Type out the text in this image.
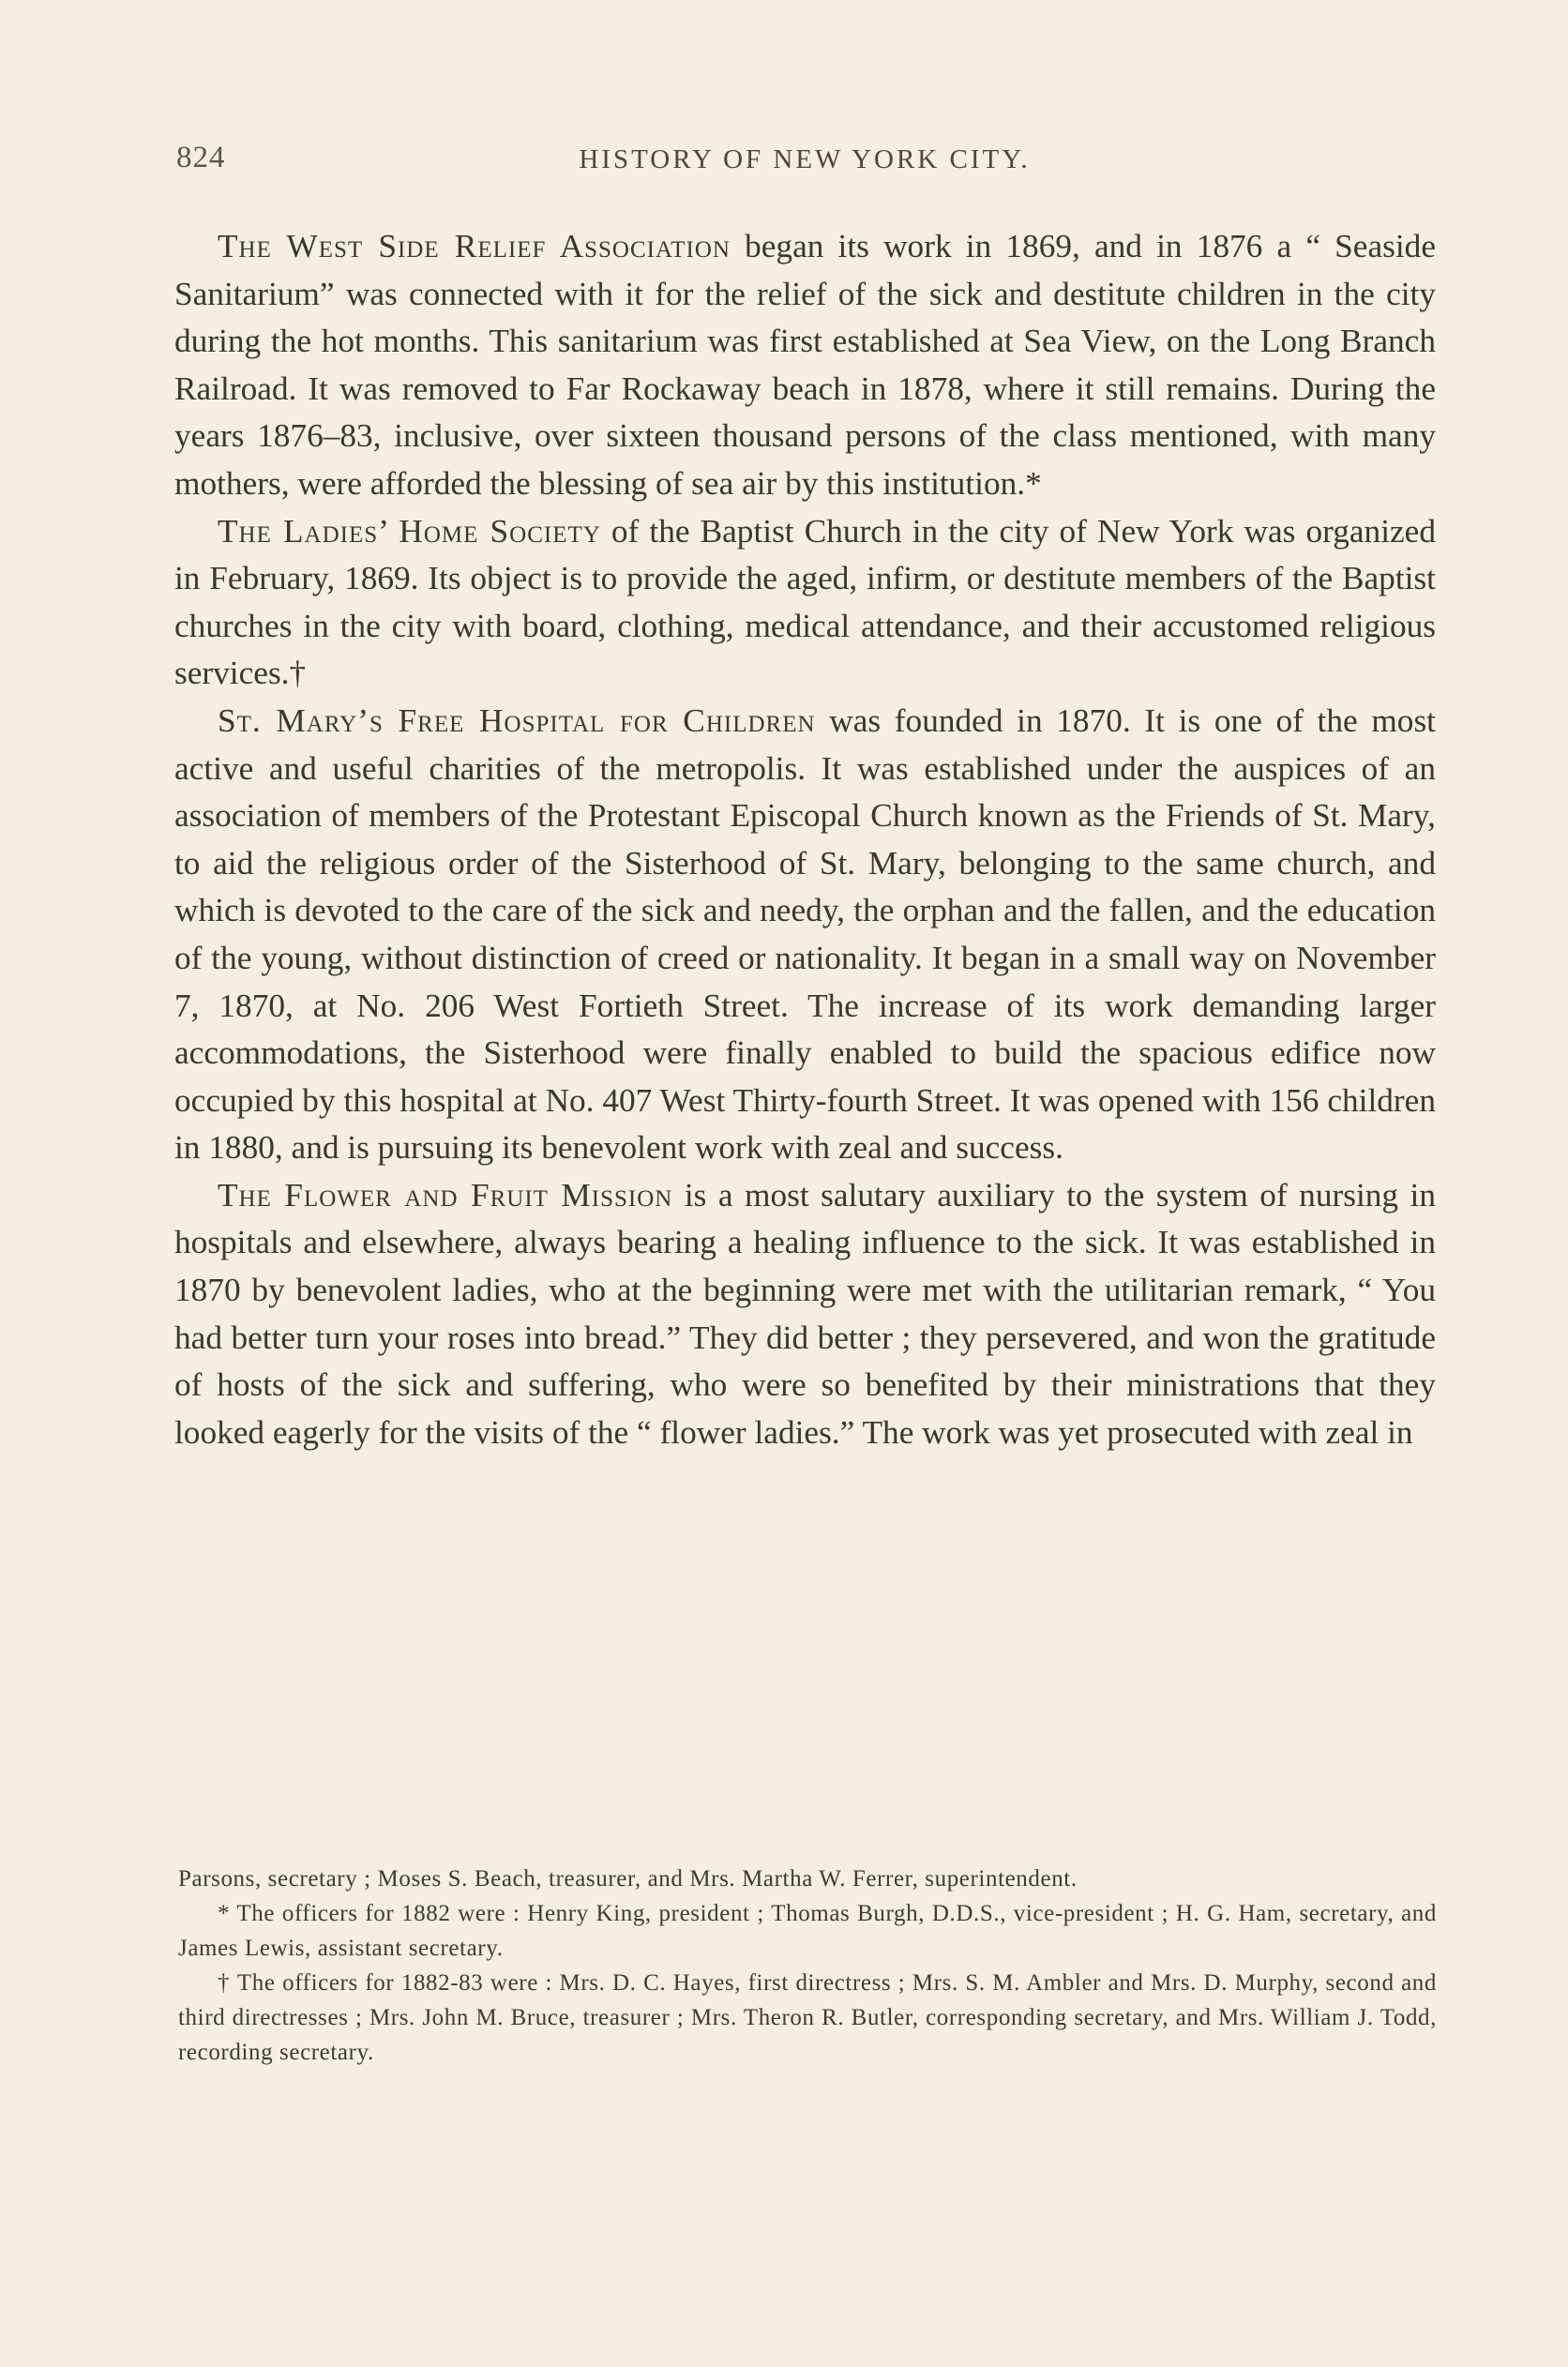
824	HISTORY OF NEW YORK CITY.

The West Side Relief Association began its work in 1869, and in 1876 a “ Seaside Sanitarium” was connected with it for the relief of the sick and destitute children in the city during the hot months. This sanitarium was first established at Sea View, on the Long Branch Railroad. It was removed to Far Rockaway beach in 1878, where it still remains. During the years 1876–83, inclusive, over sixteen thousand persons of the class mentioned, with many mothers, were afforded the blessing of sea air by this institution.*

The Ladies’ Home Society of the Baptist Church in the city of New York was organized in February, 1869. Its object is to provide the aged, infirm, or destitute members of the Baptist churches in the city with board, clothing, medical attendance, and their accustomed religious services.†

St. Mary’s Free Hospital for Children was founded in 1870. It is one of the most active and useful charities of the metropolis. It was established under the auspices of an association of members of the Protestant Episcopal Church known as the Friends of St. Mary, to aid the religious order of the Sisterhood of St. Mary, belonging to the same church, and which is devoted to the care of the sick and needy, the orphan and the fallen, and the education of the young, without distinction of creed or nationality. It began in a small way on November 7, 1870, at No. 206 West Fortieth Street. The increase of its work demanding larger accommodations, the Sisterhood were finally enabled to build the spacious edifice now occupied by this hospital at No. 407 West Thirty-fourth Street. It was opened with 156 children in 1880, and is pursuing its benevolent work with zeal and success.

The Flower and Fruit Mission is a most salutary auxiliary to the system of nursing in hospitals and elsewhere, always bearing a healing influence to the sick. It was established in 1870 by benevolent ladies, who at the beginning were met with the utilitarian remark, “ You had better turn your roses into bread.” They did better ; they persevered, and won the gratitude of hosts of the sick and suffering, who were so benefited by their ministrations that they looked eagerly for the visits of the “ flower ladies.” The work was yet prosecuted with zeal in

Parsons, secretary ; Moses S. Beach, treasurer, and Mrs. Martha W. Ferrer, superintendent.

* The officers for 1882 were : Henry King, president ; Thomas Burgh, D.D.S., vice-president ; H. G. Ham, secretary, and James Lewis, assistant secretary.

† The officers for 1882-83 were : Mrs. D. C. Hayes, first directress ; Mrs. S. M. Ambler and Mrs. D. Murphy, second and third directresses ; Mrs. John M. Bruce, treasurer ; Mrs. Theron R. Butler, corresponding secretary, and Mrs. William J. Todd, recording secretary.
